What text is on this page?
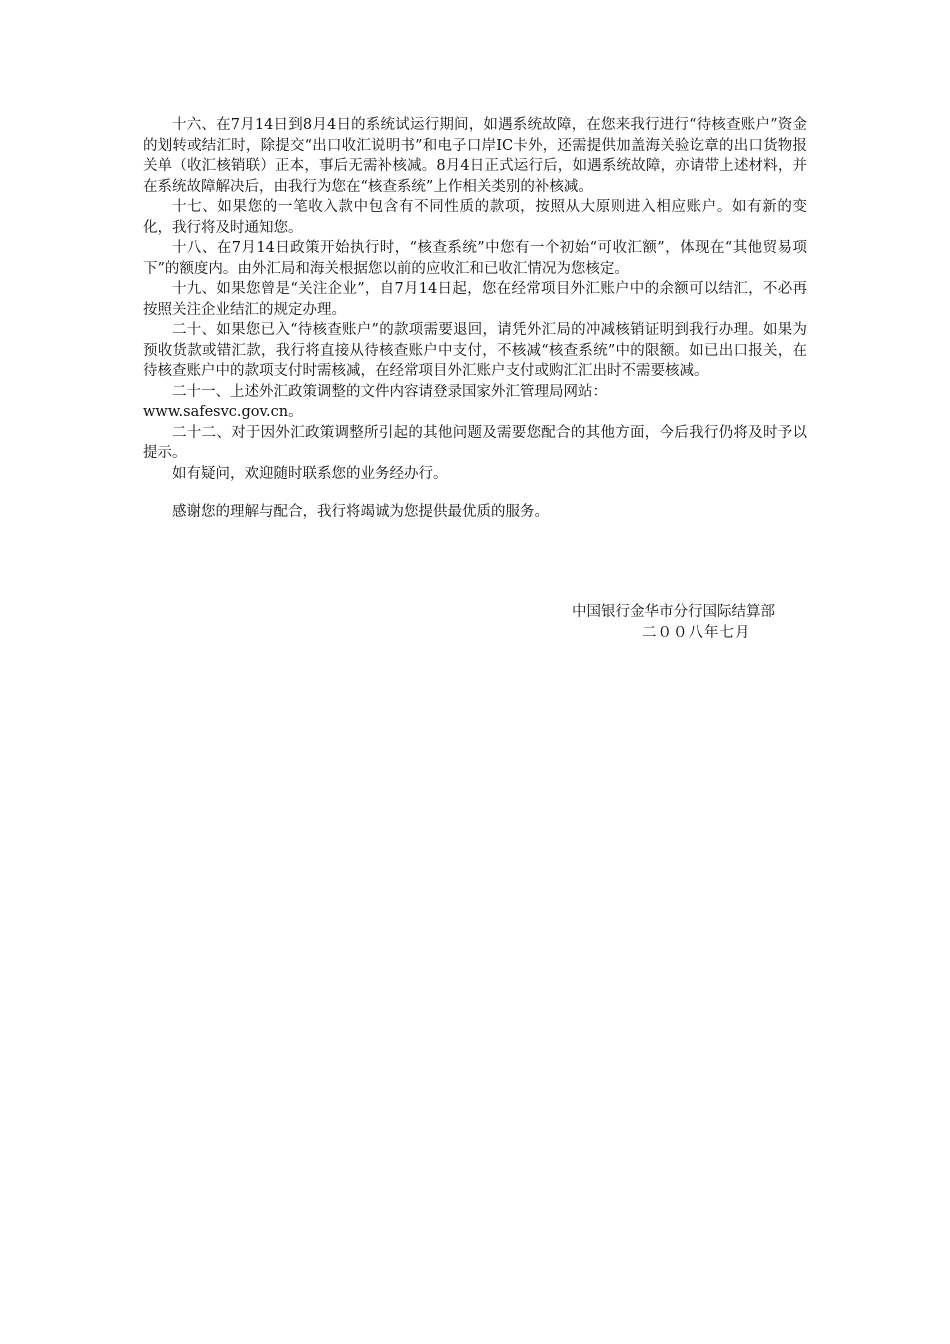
十六、在7月14日到8月4日的系统试运行期间，如遇系统故障，在您来我行进行“待核查账户”资金的划转或结汇时，除提交“出口收汇说明书”和电子口岸IC卡外，还需提供加盖海关验讫章的出口货物报关单（收汇核销联）正本，事后无需补核减。8月4日正式运行后，如遇系统故障，亦请带上述材料，并在系统故障解决后，由我行为您在“核查系统”上作相关类别的补核减。

十七、如果您的一笔收入款中包含有不同性质的款项，按照从大原则进入相应账户。如有新的变化，我行将及时通知您。

十八、在7月14日政策开始执行时，“核查系统”中您有一个初始“可收汇额”，体现在“其他贸易项下”的额度内。由外汇局和海关根据您以前的应收汇和已收汇情况为您核定。

十九、如果您曾是“关注企业”，自7月14日起，您在经常项目外汇账户中的余额可以结汇，不必再按照关注企业结汇的规定办理。

二十、如果您已入“待核查账户”的款项需要退回，请凭外汇局的冲减核销证明到我行办理。如果为预收货款或错汇款，我行将直接从待核查账户中支付，不核减“核查系统”中的限额。如已出口报关，在待核查账户中的款项支付时需核减，在经常项目外汇账户支付或购汇汇出时不需要核减。

二十一、上述外汇政策调整的文件内容请登录国家外汇管理局网站：

www.safesvc.gov.cn。

二十二、对于因外汇政策调整所引起的其他问题及需要您配合的其他方面，今后我行仍将及时予以提示。

如有疑问，欢迎随时联系您的业务经办行。

感谢您的理解与配合，我行将竭诚为您提供最优质的服务。

中国银行金华市分行国际结算部

二００八年七月
